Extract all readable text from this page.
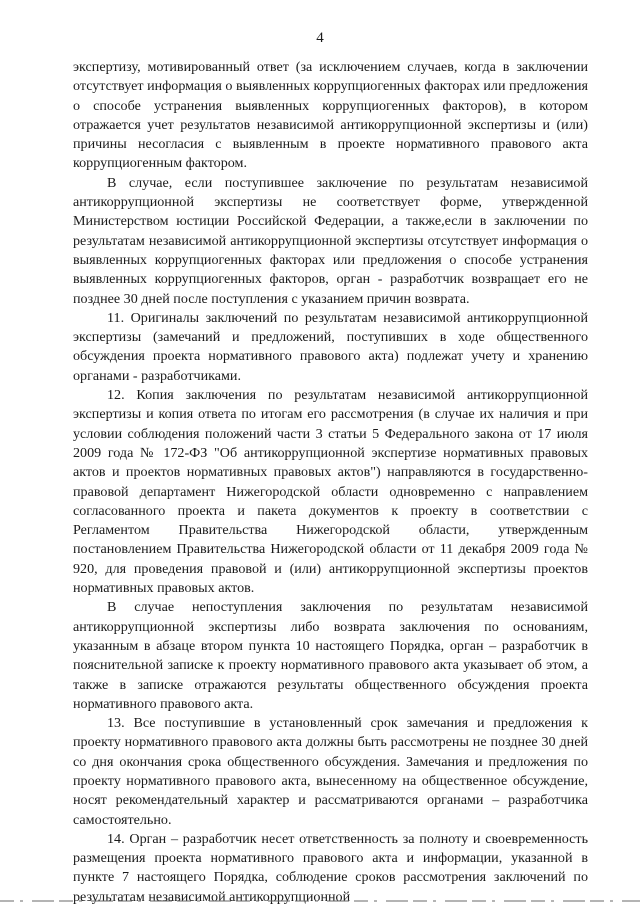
4

экспертизу, мотивированный ответ (за исключением случаев, когда в заключении отсутствует информация о выявленных коррупциогенных факторах или предложения о способе устранения выявленных коррупциогенных факторов), в котором отражается учет результатов независимой антикоррупционной экспертизы и (или) причины несогласия с выявленным в проекте нормативного правового акта коррупциогенным фактором.

В случае, если поступившее заключение по результатам независимой антикоррупционной экспертизы не соответствует форме, утвержденной Министерством юстиции Российской Федерации, а также,если в заключении по результатам независимой антикоррупционной экспертизы отсутствует информация о выявленных коррупциогенных факторах или предложения о способе устранения выявленных коррупциогенных факторов, орган - разработчик возвращает его не позднее 30 дней после поступления с указанием причин возврата.

11. Оригиналы заключений по результатам независимой антикоррупционной экспертизы (замечаний и предложений, поступивших в ходе общественного обсуждения проекта нормативного правового акта) подлежат учету и хранению органами - разработчиками.

12. Копия заключения по результатам независимой антикоррупционной экспертизы и копия ответа по итогам его рассмотрения (в случае их наличия и при условии соблюдения положений части 3 статьи 5 Федерального закона от 17 июля 2009 года № 172-ФЗ "Об антикоррупционной экспертизе нормативных правовых актов и проектов нормативных правовых актов") направляются в государственно-правовой департамент Нижегородской области одновременно с направлением согласованного проекта и пакета документов к проекту в соответствии с Регламентом Правительства Нижегородской области, утвержденным постановлением Правительства Нижегородской области от 11 декабря 2009 года № 920, для проведения правовой и (или) антикоррупционной экспертизы проектов нормативных правовых актов.

В случае непоступления заключения по результатам независимой антикоррупционной экспертизы либо возврата заключения по основаниям, указанным в абзаце втором пункта 10 настоящего Порядка, орган – разработчик в пояснительной записке к проекту нормативного правового акта указывает об этом, а также в записке отражаются результаты общественного обсуждения проекта нормативного правового акта.

13. Все поступившие в установленный срок замечания и предложения к проекту нормативного правового акта должны быть рассмотрены не позднее 30 дней со дня окончания срока общественного обсуждения. Замечания и предложения по проекту нормативного правового акта, вынесенному на общественное обсуждение, носят рекомендательный характер и рассматриваются органами – разработчика самостоятельно.

14. Орган – разработчик несет ответственность за полноту и своевременность размещения проекта нормативного правового акта и информации, указанной в пункте 7 настоящего Порядка, соблюдение сроков рассмотрения заключений по результатам независимой антикоррупционной
